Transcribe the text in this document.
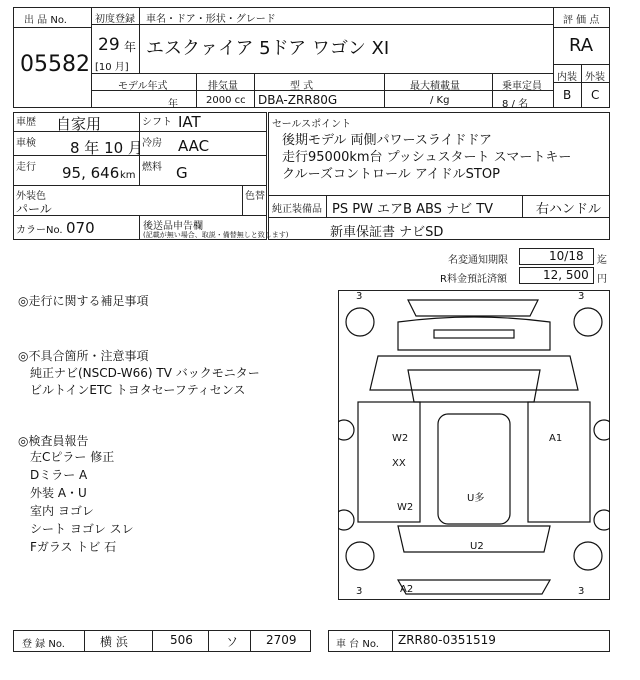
出 品 No.
05582
初度登録
29 年
[10 月]
車名・ドア・形状・グレード
エスクァイア 5ドア ワゴン XI
評 価 点
RA
内装 外装
B C
モデル年式	排気量	型 式	最大積載量	乗車定員
年	2000 cc DBA-ZRR80G	/ Kg	8 / 名
車歴 自家用	シフト IAT
車検 8 年 10 月 冷房 AAC
走行 95, 646 km
燃料 G
外装色
パール
色替
カラーNo. 070	後送品申告欄
(記載が無い場合、取説・備替無しと致します)
セールスポイント
後期モデル 両側パワースライドドア
走行95000km台 プッシュスタート スマートキー
クルーズコントロール アイドルSTOP
純正装備品 PS PW エアB ABS ナビ TV	右ハンドル
新車保証書 ナビSD
名変通知期限	10/18 迄
R料金預託済額	12, 500 円
◎走行に関する補足事項
◎不具合箇所・注意事項
純正ナビ(NSCD-W66) TV バックモニター
ビルトインETC トヨタセーフティセンス
◎検査員報告
左Cピラー 修正
Dミラー A
外装 A・U
室内 ヨゴレ
シート ヨゴレ スレ
Fガラス トビ 石
3	3
3	3
W2
XX
W2
A1
U多
U2
A2
登 録 No.	横 浜	506	ソ 2709	車 台 No. ZRR80-0351519
